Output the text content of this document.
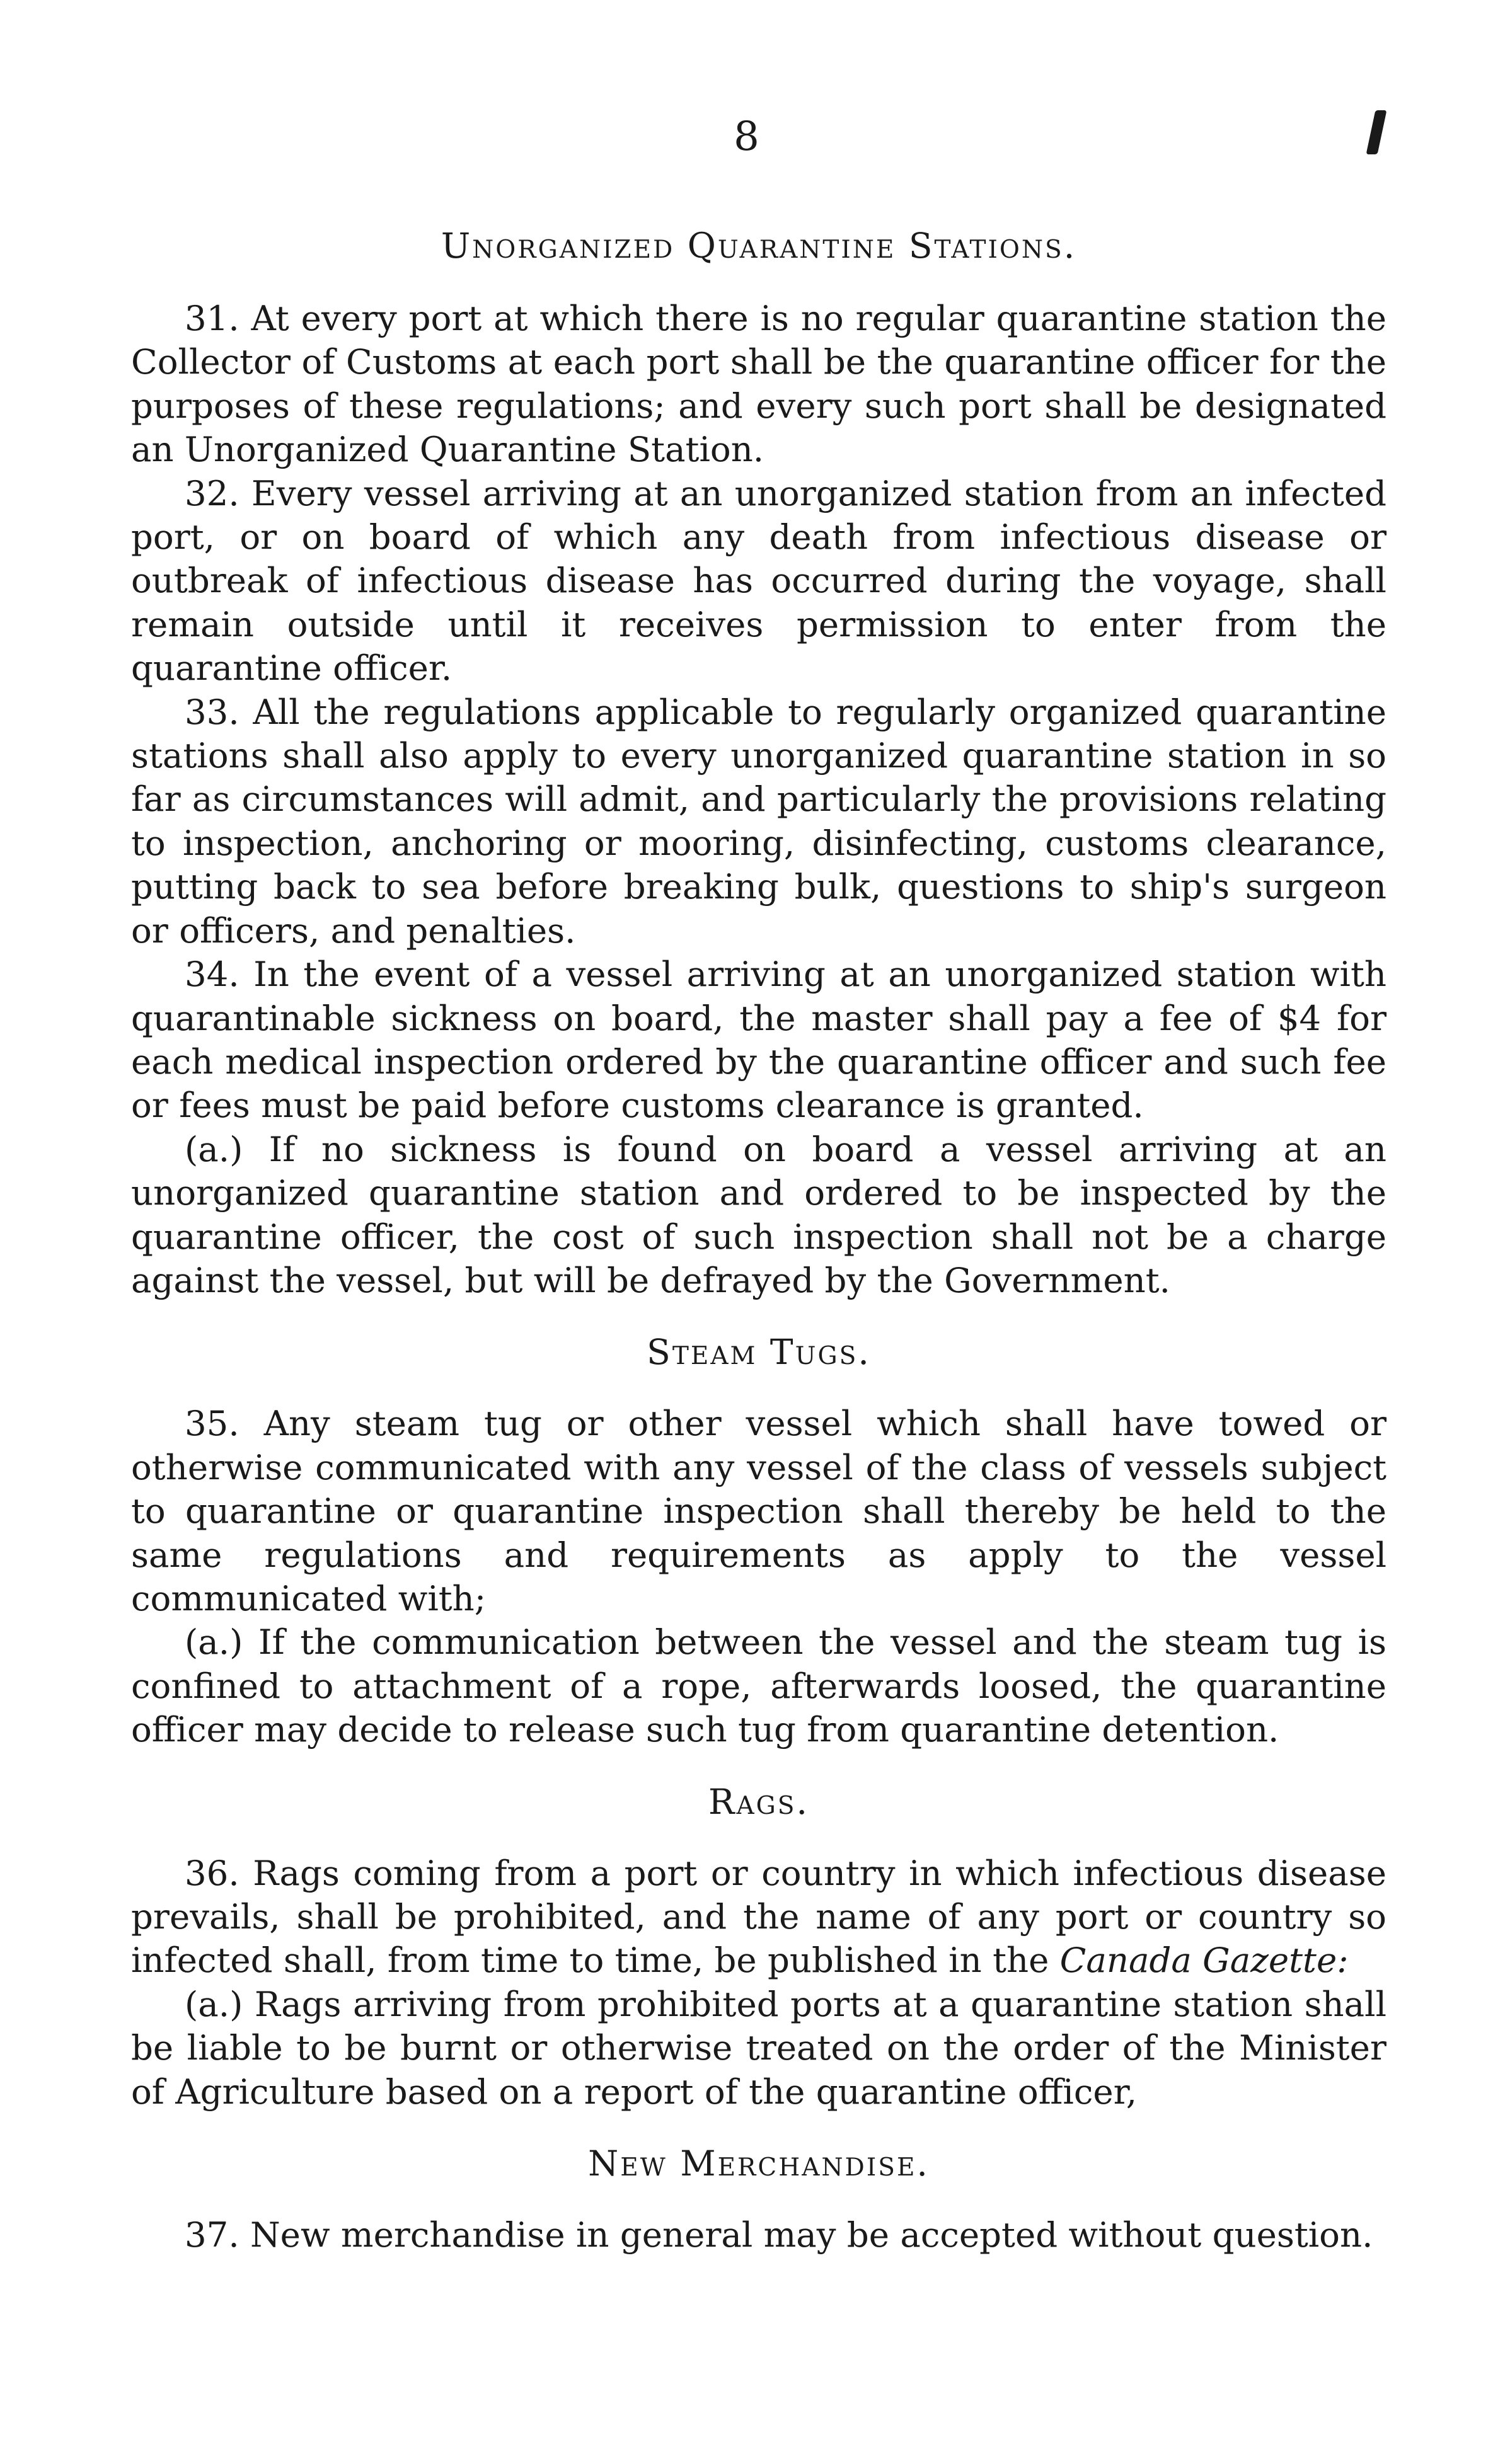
8
Unorganized Quarantine Stations.

31. At every port at which there is no regular quarantine station the Collector of Customs at each port shall be the quarantine officer for the purposes of these regulations; and every such port shall be designated an Unorganized Quarantine Station.

32. Every vessel arriving at an unorganized station from an infected port, or on board of which any death from infectious disease or outbreak of infectious disease has occurred during the voyage, shall remain outside until it receives permission to enter from the quarantine officer.

33. All the regulations applicable to regularly organized quarantine stations shall also apply to every unorganized quarantine station in so far as circumstances will admit, and particularly the provisions relating to inspection, anchoring or mooring, disinfecting, customs clearance, putting back to sea before breaking bulk, questions to ship's surgeon or officers, and penalties.

34. In the event of a vessel arriving at an unorganized station with quarantinable sickness on board, the master shall pay a fee of $4 for each medical inspection ordered by the quarantine officer and such fee or fees must be paid before customs clearance is granted.

(a.) If no sickness is found on board a vessel arriving at an unorganized quarantine station and ordered to be inspected by the quarantine officer, the cost of such inspection shall not be a charge against the vessel, but will be defrayed by the Government.

Steam Tugs.

35. Any steam tug or other vessel which shall have towed or otherwise communicated with any vessel of the class of vessels subject to quarantine or quarantine inspection shall thereby be held to the same regulations and requirements as apply to the vessel communicated with;

(a.) If the communication between the vessel and the steam tug is confined to attachment of a rope, afterwards loosed, the quarantine officer may decide to release such tug from quarantine detention.

Rags.

36. Rags coming from a port or country in which infectious disease prevails, shall be prohibited, and the name of any port or country so infected shall, from time to time, be published in the Canada Gazette:

(a.) Rags arriving from prohibited ports at a quarantine station shall be liable to be burnt or otherwise treated on the order of the Minister of Agriculture based on a report of the quarantine officer,

New Merchandise.

37. New merchandise in general may be accepted without question.
